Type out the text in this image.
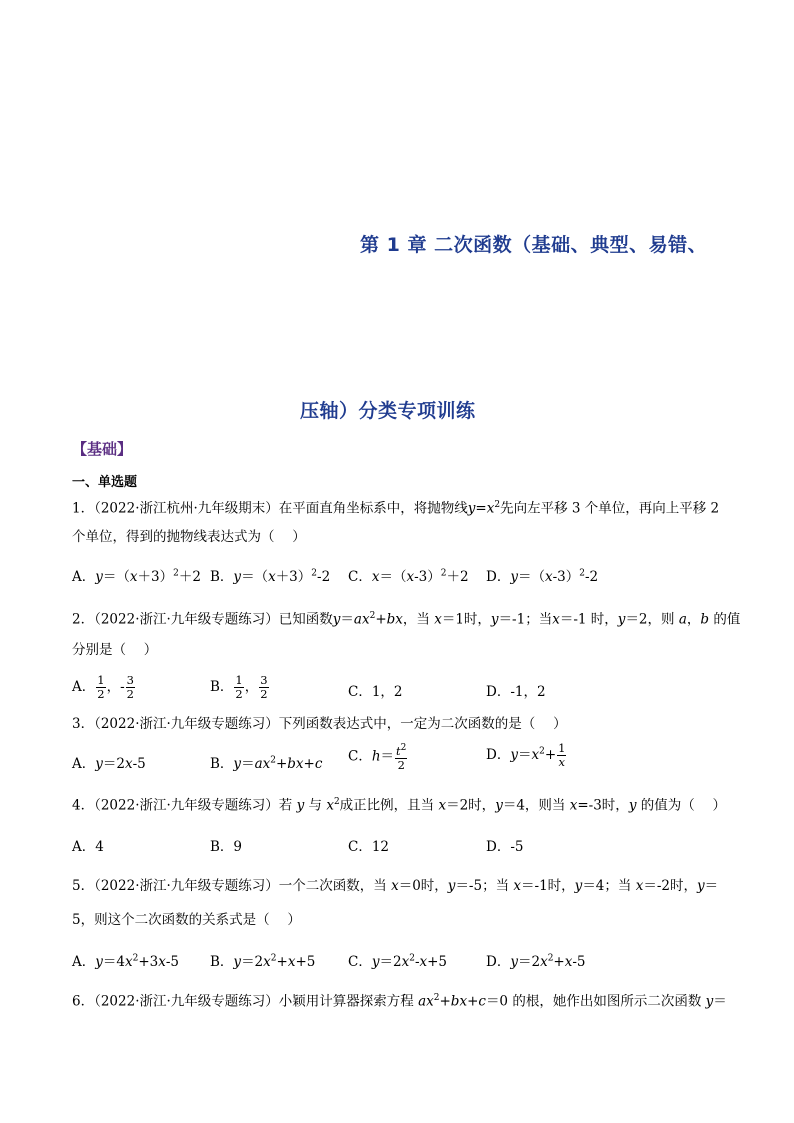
第 1 章 二次函数（基础、典型、易错、
压轴）分类专项训练
【基础】
一、单选题
1．（2022·浙江杭州·九年级期末）在平面直角坐标系中，将抛物线$y=x^2$先向左平移 3 个单位，再向上平移 2
个单位，得到的抛物线表达式为（　 ）
A．$y=(x+3)^2+2$ B．$y=(x+3)^2-2$ C．$x=(x-3)^2+2$ D．$y=(x-3)^2-2$
2．（2022·浙江·九年级专题练习）已知函数$y=ax^2+bx$，当 x＝1时，y＝-1；当x＝-1 时，y＝2，则 a，b 的值
分别是（　 ）
A． $\frac{1}{2}$ ，- $\frac{3}{2}$	B． $\frac{1}{2}$ ， $\frac{3}{2}$	C．1，2	D．-1，2
3．（2022·浙江·九年级专题练习）下列函数表达式中，一定为二次函数的是（　 ）
A．y＝2x-5	B．$y=ax^2+bx+c$ C．$h= \frac{t^2}{2}$	D．$y=x^2+ \frac{1}{x}$
4．（2022·浙江·九年级专题练习）若 y 与 $x^2$成正比例，且当 x＝2时，y＝4，则当 x=-3时，y 的值为（　 ）
A．4	B．9	C．12	D．-5
5．（2022·浙江·九年级专题练习）一个二次函数，当 x＝0时，y＝-5；当 x＝-1时，y＝4；当 x＝-2时，y＝
5，则这个二次函数的关系式是（　 ）
A．$y=4x^2+3x-5$ B．$y=2x^2+x+5$ C．$y=2x^2-x+5$	D．$y=2x^2+x-5$
6．（2022·浙江·九年级专题练习）小颖用计算器探索方程 $ax^2+bx+c=0$ 的根，她作出如图所示二次函数 y＝
